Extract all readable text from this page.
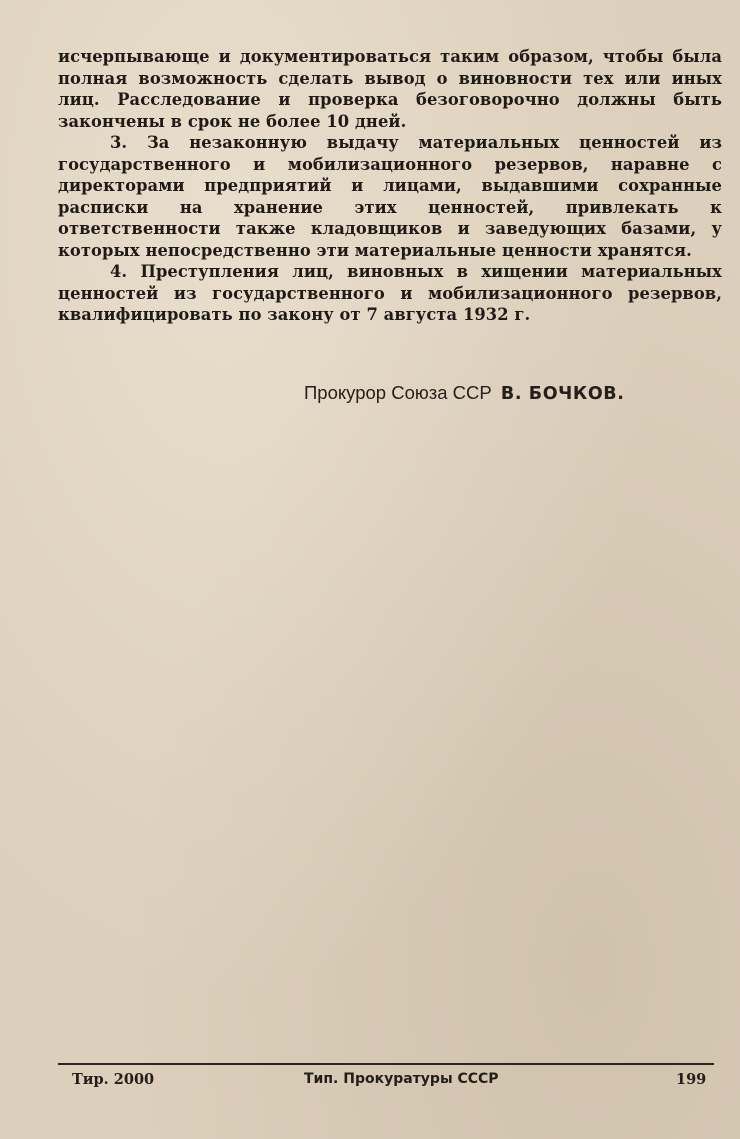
исчерпывающе и документироваться таким образом, чтобы была полная возможность сделать вывод о виновности тех или иных лиц. Расследование и проверка безоговорочно должны быть закончены в срок не более 10 дней.

3. За незаконную выдачу материальных ценностей из государственного и мобилизационного резервов, наравне с директорами предприятий и лицами, выдавшими сохранные расписки на хранение этих ценностей, привлекать к ответственности также кладовщиков и заведующих базами, у которых непосредственно эти материальные ценности хранятся.

4. Преступления лиц, виновных в хищении материальных ценностей из государственного и мобилизационного резервов, квалифицировать по закону от 7 августа 1932 г.

Прокурор Союза ССР В. БОЧКОВ.
Тир. 2000	Тип. Прокуратуры СССР	199
